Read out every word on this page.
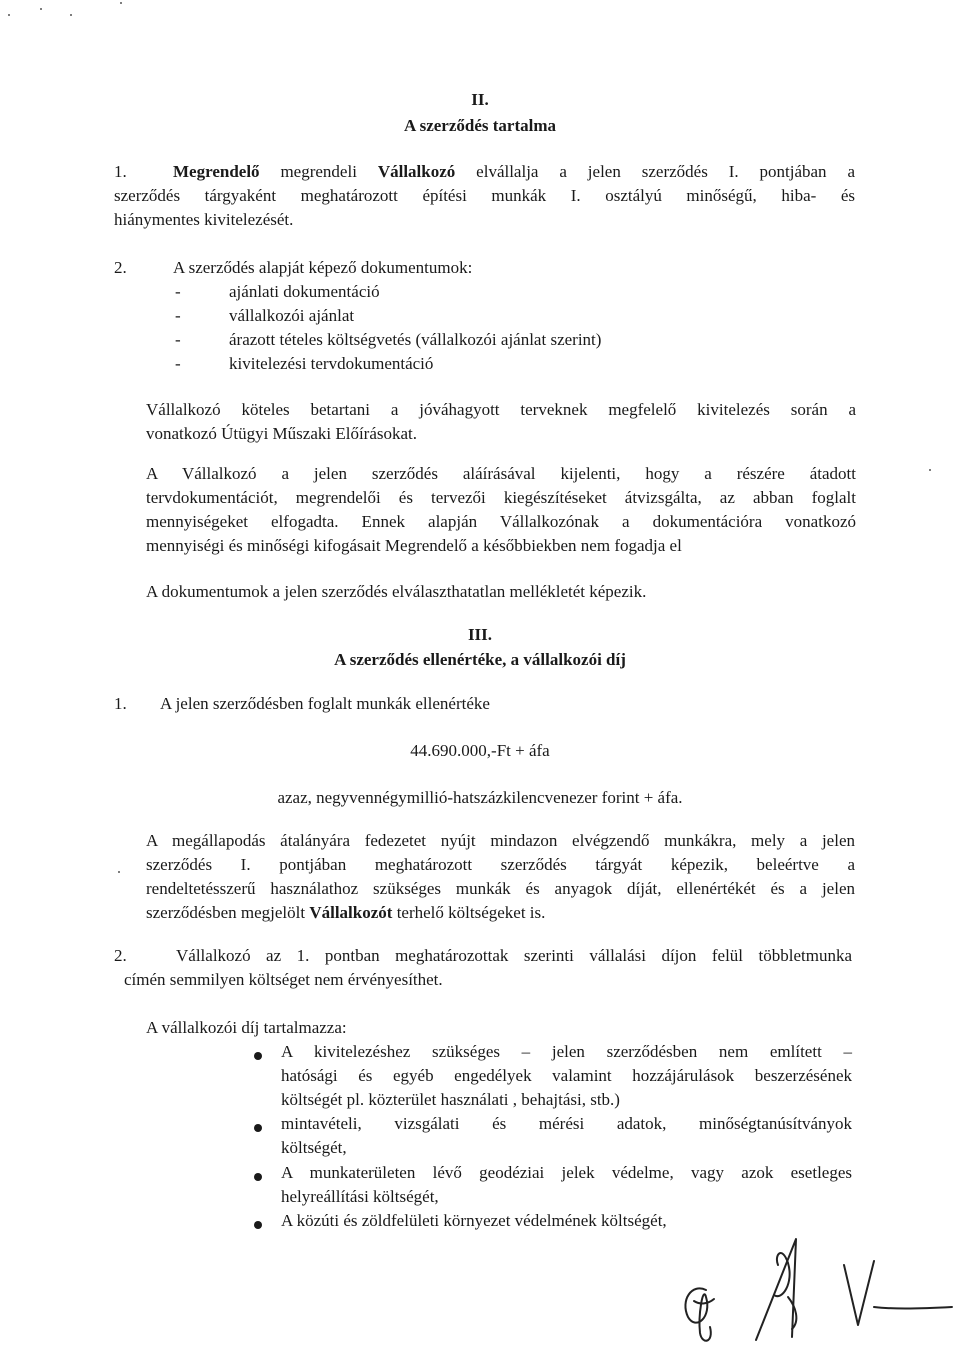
II.
A szerződés tartalma
1.	Megrendelő megrendeli Vállalkozó elvállalja a jelen szerződés I. pontjában a
szerződés tárgyaként meghatározott építési munkák I. osztályú minőségű, hiba- és
hiánymentes kivitelezését.
2.	A szerződés alapját képező dokumentumok:
-	ajánlati dokumentáció
-	vállalkozói ajánlat
-	árazott tételes költségvetés (vállalkozói ajánlat szerint)
-	kivitelezési tervdokumentáció
Vállalkozó köteles betartani a jóváhagyott terveknek megfelelő kivitelezés során a
vonatkozó Útügyi Műszaki Előírásokat.
A Vállalkozó a jelen szerződés aláírásával kijelenti, hogy a részére átadott
tervdokumentációt, megrendelői és tervezői kiegészítéseket átvizsgálta, az abban foglalt
mennyiségeket elfogadta. Ennek alapján Vállalkozónak a dokumentációra vonatkozó
mennyiségi és minőségi kifogásait Megrendelő a későbbiekben nem fogadja el
A dokumentumok a jelen szerződés elválaszthatatlan mellékletét képezik.
III.
A szerződés ellenértéke, a vállalkozói díj
1. A jelen szerződésben foglalt munkák ellenértéke
44.690.000,-Ft + áfa
azaz, negyvennégymillió-hatszázkilencvenezer forint + áfa.
A megállapodás átalányára fedezetet nyújt mindazon elvégzendő munkákra, mely a jelen
szerződés I. pontjában meghatározott szerződés tárgyát képezik, beleértve a
rendeltetésszerű használathoz szükséges munkák és anyagok díját, ellenértékét és a jelen
szerződésben megjelölt Vállalkozót terhelő költségeket is.
2.	Vállalkozó az 1. pontban meghatározottak szerinti vállalási díjon felül többletmunka
címén semmilyen költséget nem érvényesíthet.
A vállalkozói díj tartalmazza:
A kivitelezéshez szükséges – jelen szerződésben nem említett –
hatósági és egyéb engedélyek valamint hozzájárulások beszerzésének
költségét pl. közterület használati , behajtási, stb.)
mintavételi, vizsgálati és mérési adatok, minőségtanúsítványok
költségét,
A munkaterületen lévő geodéziai jelek védelme, vagy azok esetleges
helyreállítási költségét,
A közúti és zöldfelületi környezet védelmének költségét,
